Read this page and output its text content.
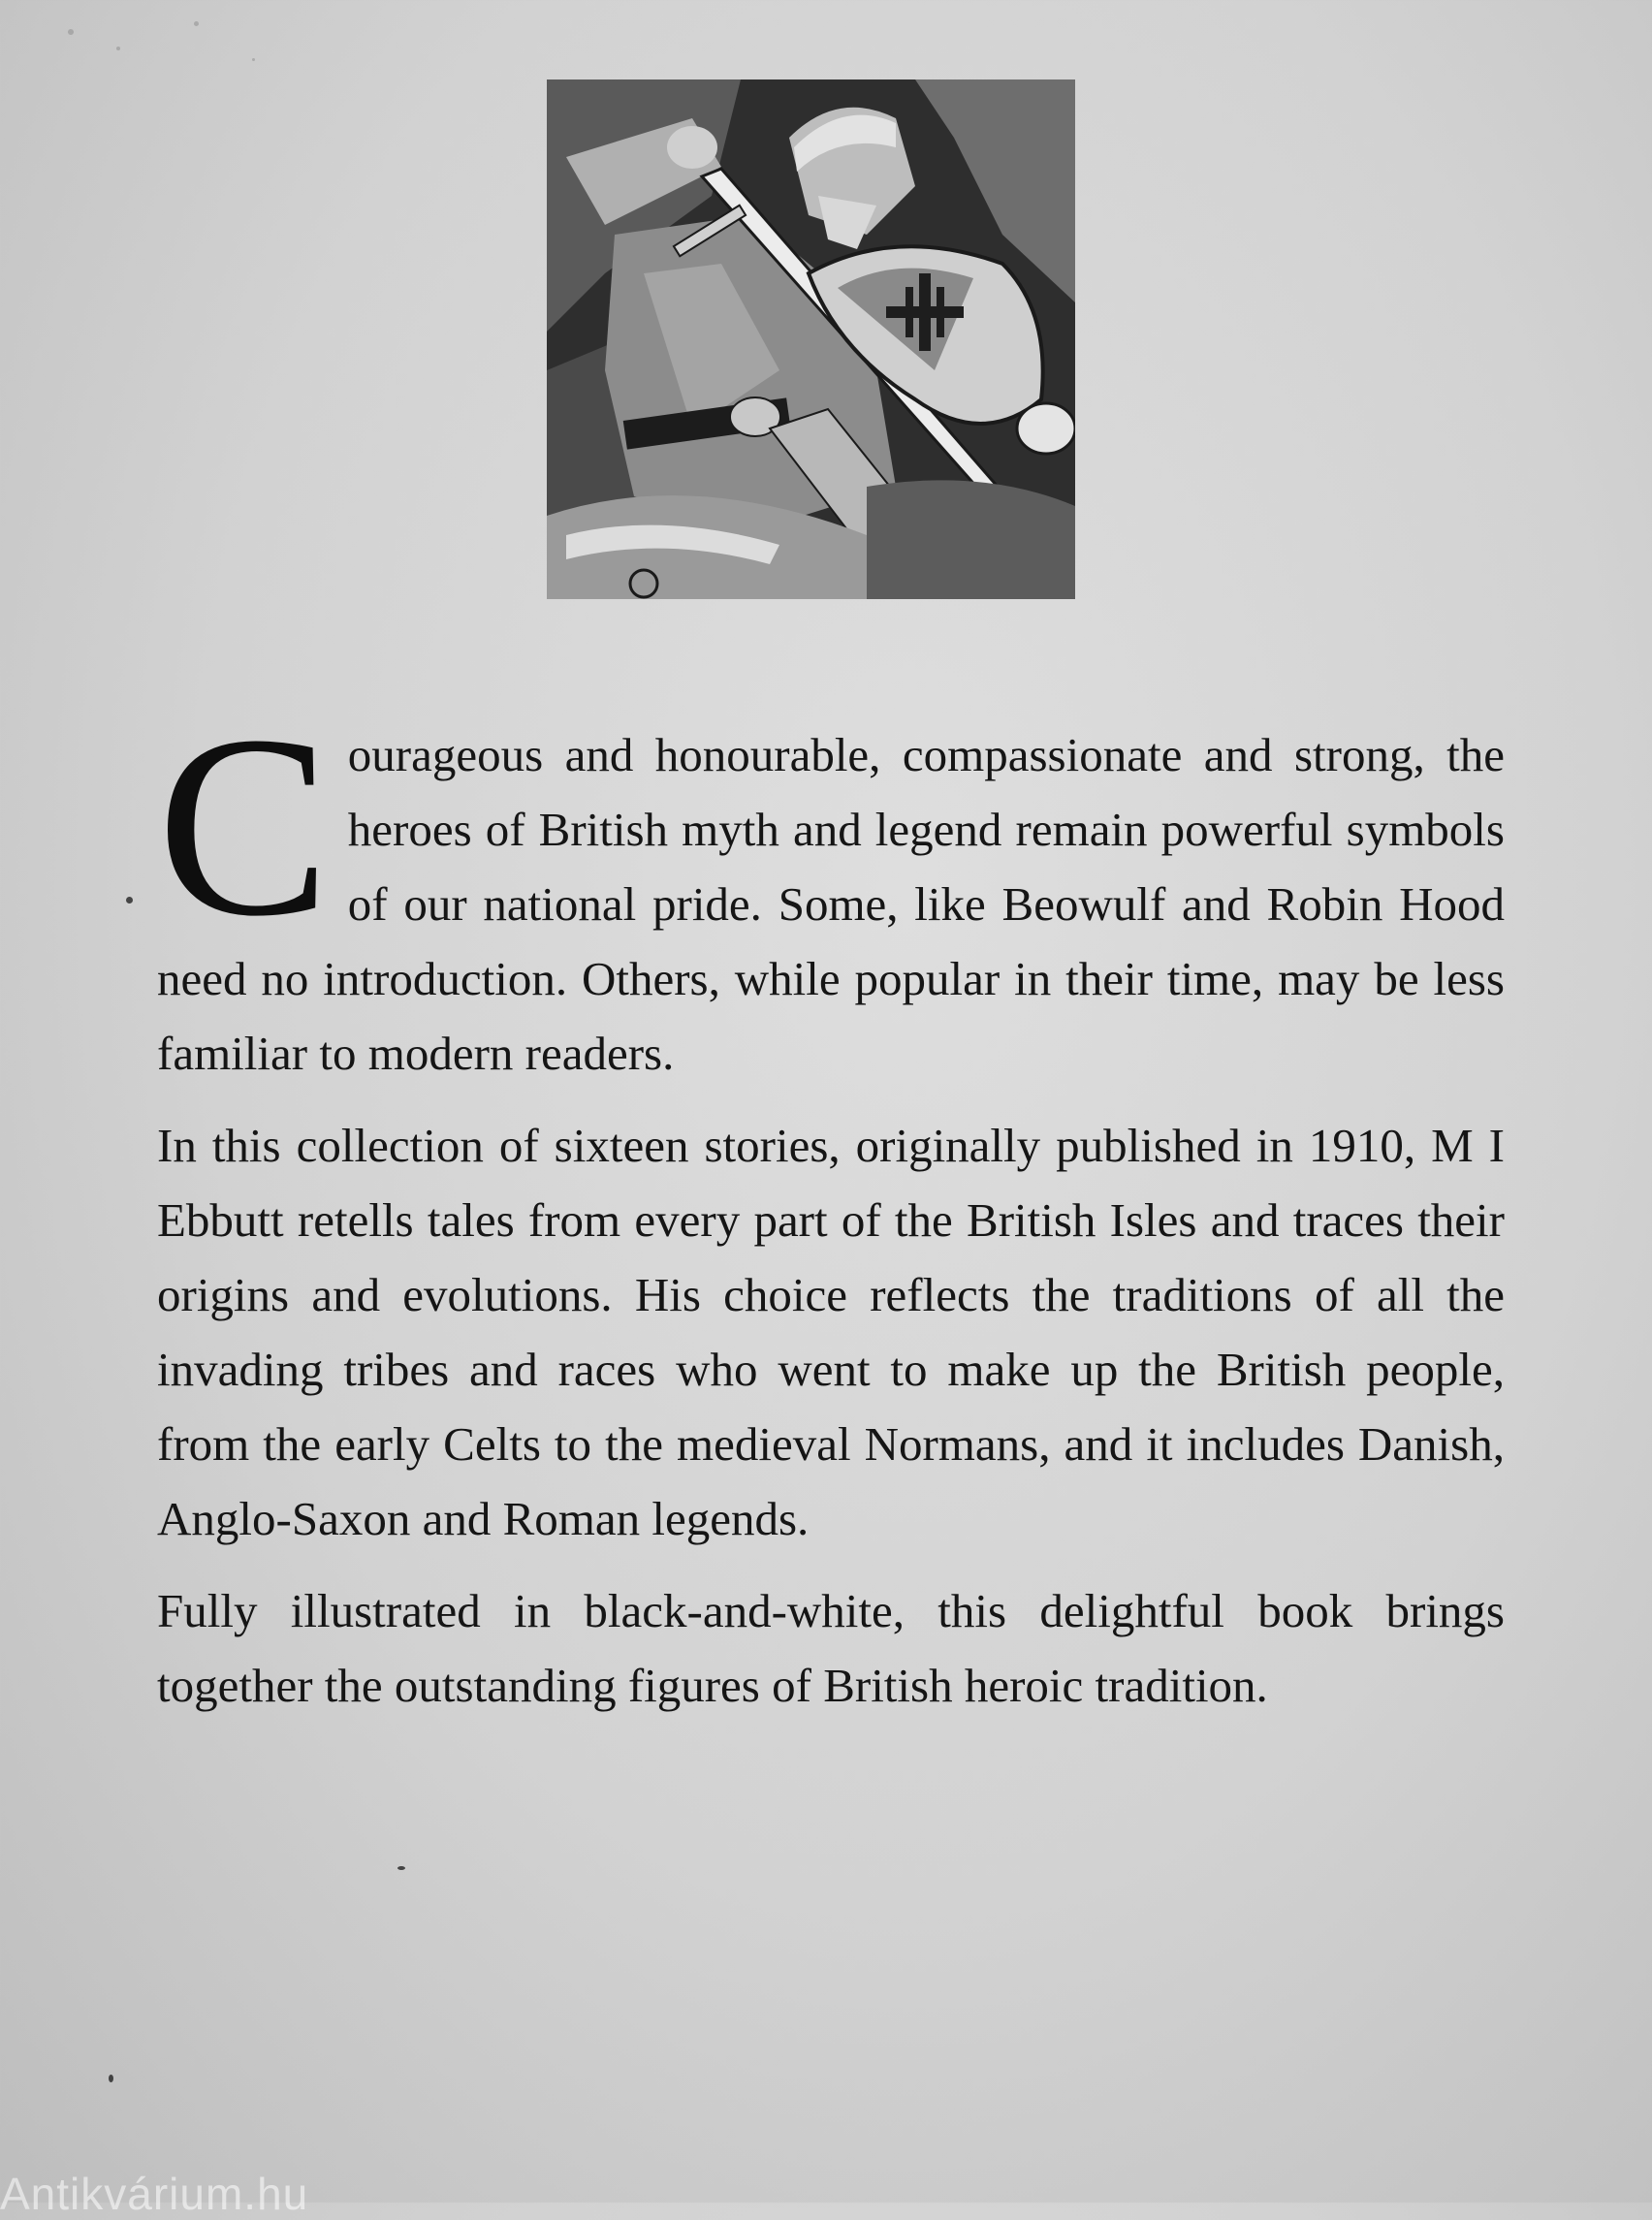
Courageous and honourable, compassionate and strong, the heroes of British myth and legend remain powerful symbols of our national pride. Some, like Beowulf and Robin Hood need no introduction. Others, while popular in their time, may be less familiar to modern readers.

In this collection of sixteen stories, originally published in 1910, M I Ebbutt retells tales from every part of the British Isles and traces their origins and evolutions. His choice reflects the traditions of all the invading tribes and races who went to make up the British people, from the early Celts to the medieval Normans, and it includes Danish, Anglo-Saxon and Roman legends.

Fully illustrated in black-and-white, this delightful book brings together the outstanding figures of British heroic tradition.

Antikvárium.hu
